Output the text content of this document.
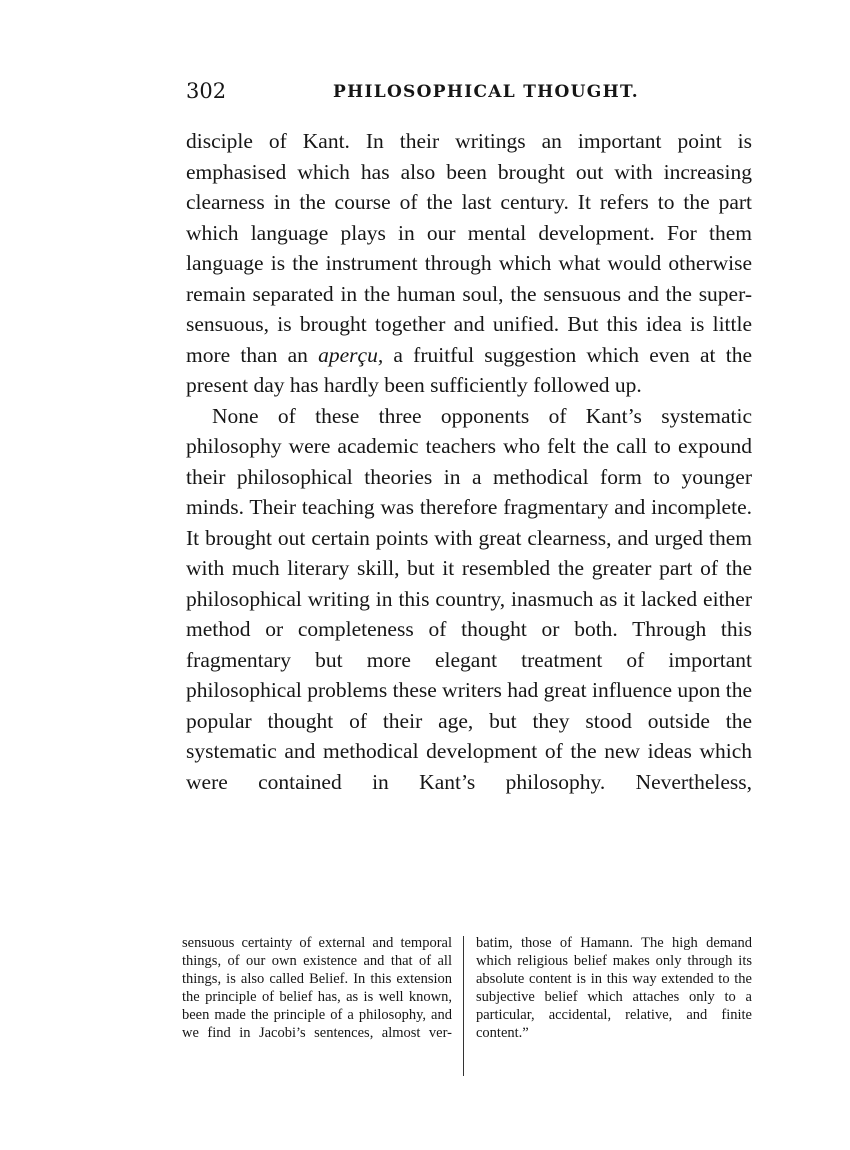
302	PHILOSOPHICAL THOUGHT.

disciple of Kant. In their writings an important point is emphasised which has also been brought out with increasing clearness in the course of the last century. It refers to the part which language plays in our mental development. For them language is the instrument through which what would otherwise remain separated in the human soul, the sensuous and the super-sensuous, is brought together and unified. But this idea is little more than an aperçu, a fruitful suggestion which even at the present day has hardly been sufficiently followed up.

None of these three opponents of Kant’s systematic philosophy were academic teachers who felt the call to expound their philosophical theories in a methodical form to younger minds. Their teaching was therefore fragmentary and incomplete. It brought out certain points with great clearness, and urged them with much literary skill, but it resembled the greater part of the philosophical writing in this country, inasmuch as it lacked either method or completeness of thought or both. Through this fragmentary but more elegant treatment of important philosophical problems these writers had great influence upon the popular thought of their age, but they stood outside the systematic and methodical development of the new ideas which were contained in Kant’s philosophy. Nevertheless,

sensuous certainty of external and temporal things, of our own existence and that of all things, is also called Belief. In this extension the principle of belief has, as is well known, been made the principle of a philosophy, and we find in Jacobi’s sentences, almost ver-
batim, those of Hamann. The high demand which religious belief makes only through its absolute content is in this way extended to the subjective belief which attaches only to a particular, accidental, relative, and finite content.”
